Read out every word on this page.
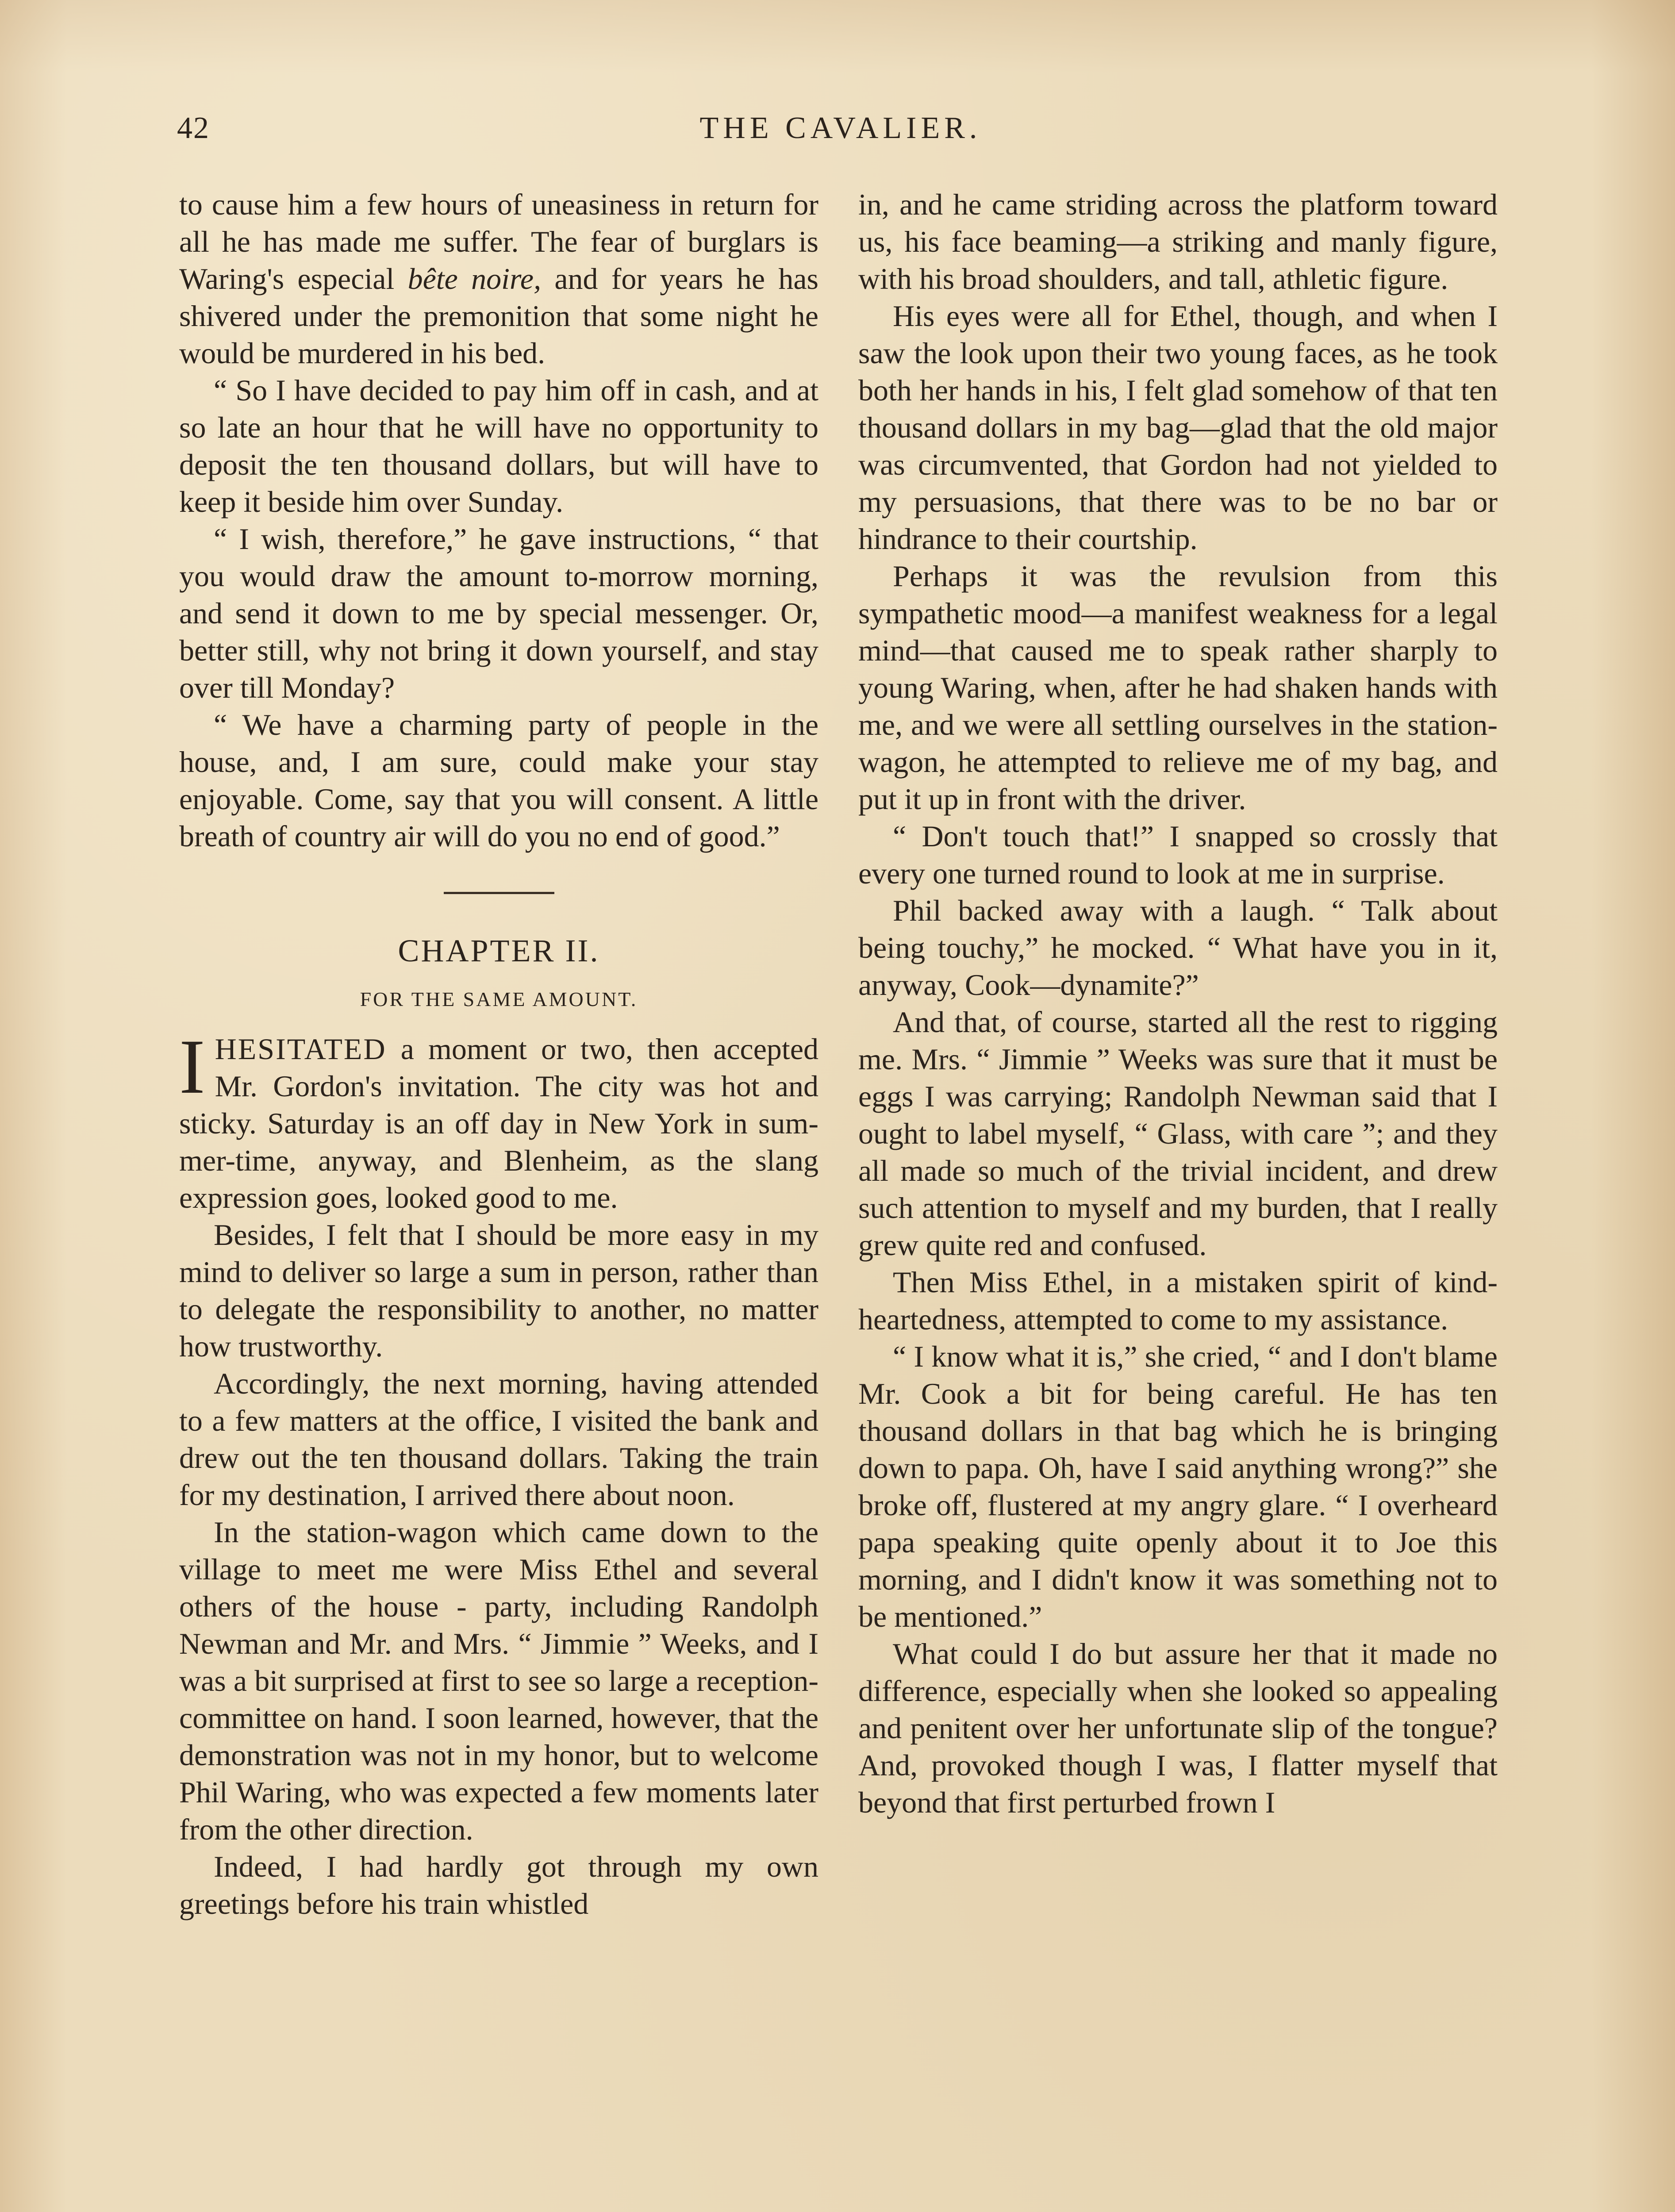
42	THE CAVALIER.

to cause him a few hours of uneasiness in return for all he has made me suffer. The fear of burglars is Waring's especial bête noire, and for years he has shivered under the premonition that some night he would be murdered in his bed.

“ So I have decided to pay him off in cash, and at so late an hour that he will have no opportunity to deposit the ten thousand dollars, but will have to keep it beside him over Sunday.

“ I wish, therefore,” he gave instructions, “ that you would draw the amount to-morrow morning, and send it down to me by special messenger. Or, better still, why not bring it down yourself, and stay over till Monday?

“ We have a charming party of people in the house, and, I am sure, could make your stay enjoyable. Come, say that you will consent. A little breath of country air will do you no end of good.”

CHAPTER II.
FOR THE SAME AMOUNT.

IHESITATED a moment or two, then accepted Mr. Gordon's invitation. The city was hot and sticky. Saturday is an off day in New York in summer-time, anyway, and Blenheim, as the slang expression goes, looked good to me.

Besides, I felt that I should be more easy in my mind to deliver so large a sum in person, rather than to delegate the responsibility to another, no matter how trustworthy.

Accordingly, the next morning, having attended to a few matters at the office, I visited the bank and drew out the ten thousand dollars. Taking the train for my destination, I arrived there about noon.

In the station-wagon which came down to the village to meet me were Miss Ethel and several others of the house - party, including Randolph Newman and Mr. and Mrs. “ Jimmie ” Weeks, and I was a bit surprised at first to see so large a reception-committee on hand. I soon learned, however, that the demonstration was not in my honor, but to welcome Phil Waring, who was expected a few moments later from the other direction.

Indeed, I had hardly got through my own greetings before his train whistled

in, and he came striding across the platform toward us, his face beaming—a striking and manly figure, with his broad shoulders, and tall, athletic figure.

His eyes were all for Ethel, though, and when I saw the look upon their two young faces, as he took both her hands in his, I felt glad somehow of that ten thousand dollars in my bag—glad that the old major was circumvented, that Gordon had not yielded to my persuasions, that there was to be no bar or hindrance to their courtship.

Perhaps it was the revulsion from this sympathetic mood—a manifest weakness for a legal mind—that caused me to speak rather sharply to young Waring, when, after he had shaken hands with me, and we were all settling ourselves in the station-wagon, he attempted to relieve me of my bag, and put it up in front with the driver.

“ Don't touch that!” I snapped so crossly that every one turned round to look at me in surprise.

Phil backed away with a laugh. “ Talk about being touchy,” he mocked. “ What have you in it, anyway, Cook—dynamite?”

And that, of course, started all the rest to rigging me. Mrs. “ Jimmie ” Weeks was sure that it must be eggs I was carrying; Randolph Newman said that I ought to label myself, “ Glass, with care ”; and they all made so much of the trivial incident, and drew such attention to myself and my burden, that I really grew quite red and confused.

Then Miss Ethel, in a mistaken spirit of kind-heartedness, attempted to come to my assistance.

“ I know what it is,” she cried, “ and I don't blame Mr. Cook a bit for being careful. He has ten thousand dollars in that bag which he is bringing down to papa. Oh, have I said anything wrong?” she broke off, flustered at my angry glare. “ I overheard papa speaking quite openly about it to Joe this morning, and I didn't know it was something not to be mentioned.”

What could I do but assure her that it made no difference, especially when she looked so appealing and penitent over her unfortunate slip of the tongue? And, provoked though I was, I flatter myself that beyond that first perturbed frown I
